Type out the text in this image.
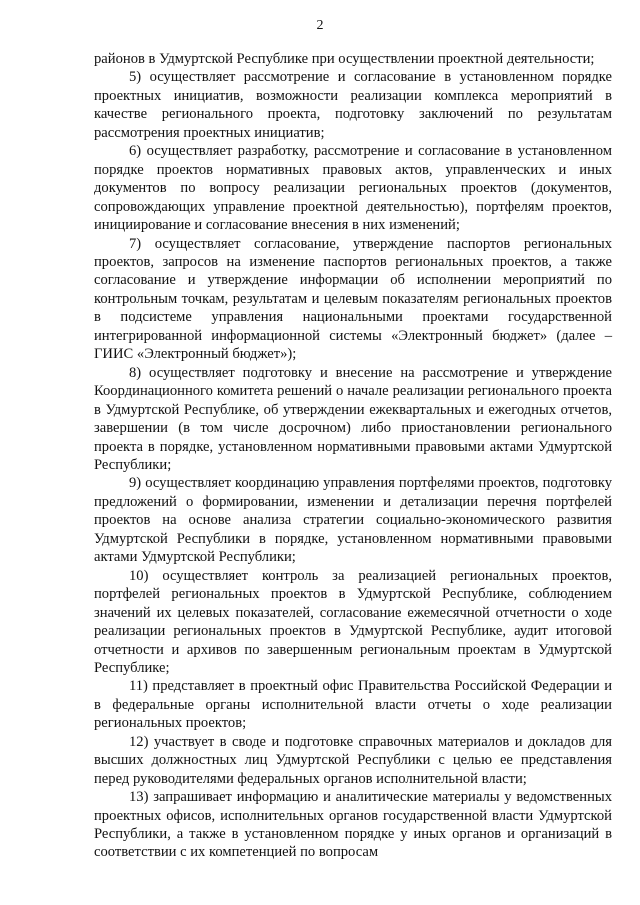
2

районов в Удмуртской Республике при осуществлении проектной деятельности;

5) осуществляет рассмотрение и согласование в установленном порядке проектных инициатив, возможности реализации комплекса мероприятий в качестве регионального проекта, подготовку заключений по результатам рассмотрения проектных инициатив;

6) осуществляет разработку, рассмотрение и согласование в установленном порядке проектов нормативных правовых актов, управленческих и иных документов по вопросу реализации региональных проектов (документов, сопровождающих управление проектной деятельностью), портфелям проектов, инициирование и согласование внесения в них изменений;

7) осуществляет согласование, утверждение паспортов региональных проектов, запросов на изменение паспортов региональных проектов, а также согласование и утверждение информации об исполнении мероприятий по контрольным точкам, результатам и целевым показателям региональных проектов в подсистеме управления национальными проектами государственной интегрированной информационной системы «Электронный бюджет» (далее – ГИИС «Электронный бюджет»);

8) осуществляет подготовку и внесение на рассмотрение и утверждение Координационного комитета решений о начале реализации регионального проекта в Удмуртской Республике, об утверждении ежеквартальных и ежегодных отчетов, завершении (в том числе досрочном) либо приостановлении регионального проекта в порядке, установленном нормативными правовыми актами Удмуртской Республики;

9) осуществляет координацию управления портфелями проектов, подготовку предложений о формировании, изменении и детализации перечня портфелей проектов на основе анализа стратегии социально-экономического развития Удмуртской Республики в порядке, установленном нормативными правовыми актами Удмуртской Республики;

10) осуществляет контроль за реализацией региональных проектов, портфелей региональных проектов в Удмуртской Республике, соблюдением значений их целевых показателей, согласование ежемесячной отчетности о ходе реализации региональных проектов в Удмуртской Республике, аудит итоговой отчетности и архивов по завершенным региональным проектам в Удмуртской Республике;

11) представляет в проектный офис Правительства Российской Федерации и в федеральные органы исполнительной власти отчеты о ходе реализации региональных проектов;

12) участвует в своде и подготовке справочных материалов и докладов для высших должностных лиц Удмуртской Республики с целью ее представления перед руководителями федеральных органов исполнительной власти;

13) запрашивает информацию и аналитические материалы у ведомственных проектных офисов, исполнительных органов государственной власти Удмуртской Республики, а также в установленном порядке у иных органов и организаций в соответствии с их компетенцией по вопросам
